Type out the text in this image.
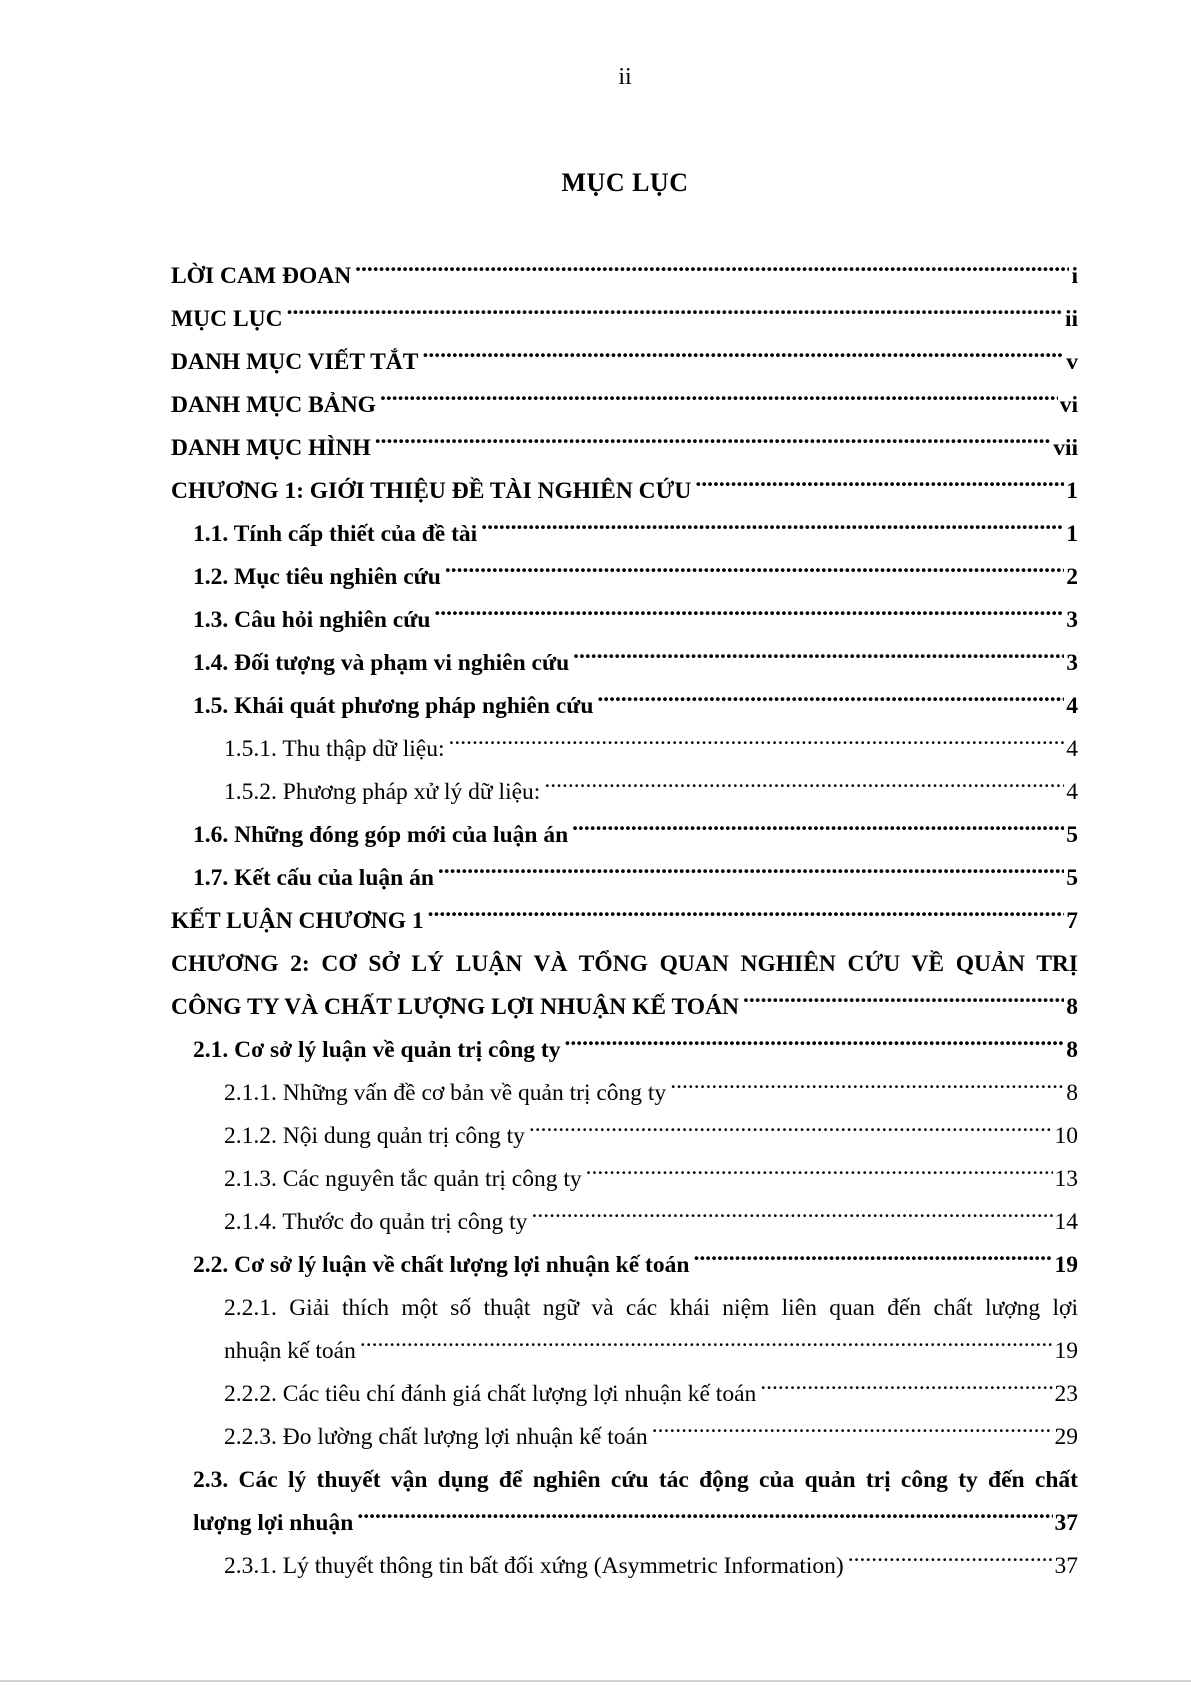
ii
MỤC LỤC
LỜI CAM ĐOAN .....	i
MỤC LỤC .....	ii
DANH MỤC VIẾT TẮT .....	v
DANH MỤC BẢNG .....	vi
DANH MỤC HÌNH .....	vii
CHƯƠNG 1: GIỚI THIỆU ĐỀ TÀI NGHIÊN CỨU .....	1
1.1. Tính cấp thiết của đề tài .....	1
1.2. Mục tiêu nghiên cứu .....	2
1.3. Câu hỏi nghiên cứu .....	3
1.4. Đối tượng và phạm vi nghiên cứu .....	3
1.5. Khái quát phương pháp nghiên cứu .....	4
1.5.1. Thu thập dữ liệu: .....	4
1.5.2. Phương pháp xử lý dữ liệu: .....	4
1.6. Những đóng góp mới của luận án .....	5
1.7. Kết cấu của luận án .....	5
KẾT LUẬN CHƯƠNG 1 .....	7
CHƯƠNG 2: CƠ SỞ LÝ LUẬN VÀ TỔNG QUAN NGHIÊN CỨU VỀ QUẢN TRỊ
CÔNG TY VÀ CHẤT LƯỢNG LỢI NHUẬN KẾ TOÁN .....	8
2.1. Cơ sở lý luận về quản trị công ty .....	8
2.1.1. Những vấn đề cơ bản về quản trị công ty .....	8
2.1.2. Nội dung quản trị công ty .....	10
2.1.3. Các nguyên tắc quản trị công ty .....	13
2.1.4. Thước đo quản trị công ty .....	14
2.2. Cơ sở lý luận về chất lượng lợi nhuận kế toán .....	19
2.2.1. Giải thích một số thuật ngữ và các khái niệm liên quan đến chất lượng lợi
nhuận kế toán .....	19
2.2.2. Các tiêu chí đánh giá chất lượng lợi nhuận kế toán .....	23
2.2.3. Đo lường chất lượng lợi nhuận kế toán .....	29
2.3. Các lý thuyết vận dụng để nghiên cứu tác động của quản trị công ty đến chất
lượng lợi nhuận .....	37
2.3.1. Lý thuyết thông tin bất đối xứng (Asymmetric Information) .....	37
